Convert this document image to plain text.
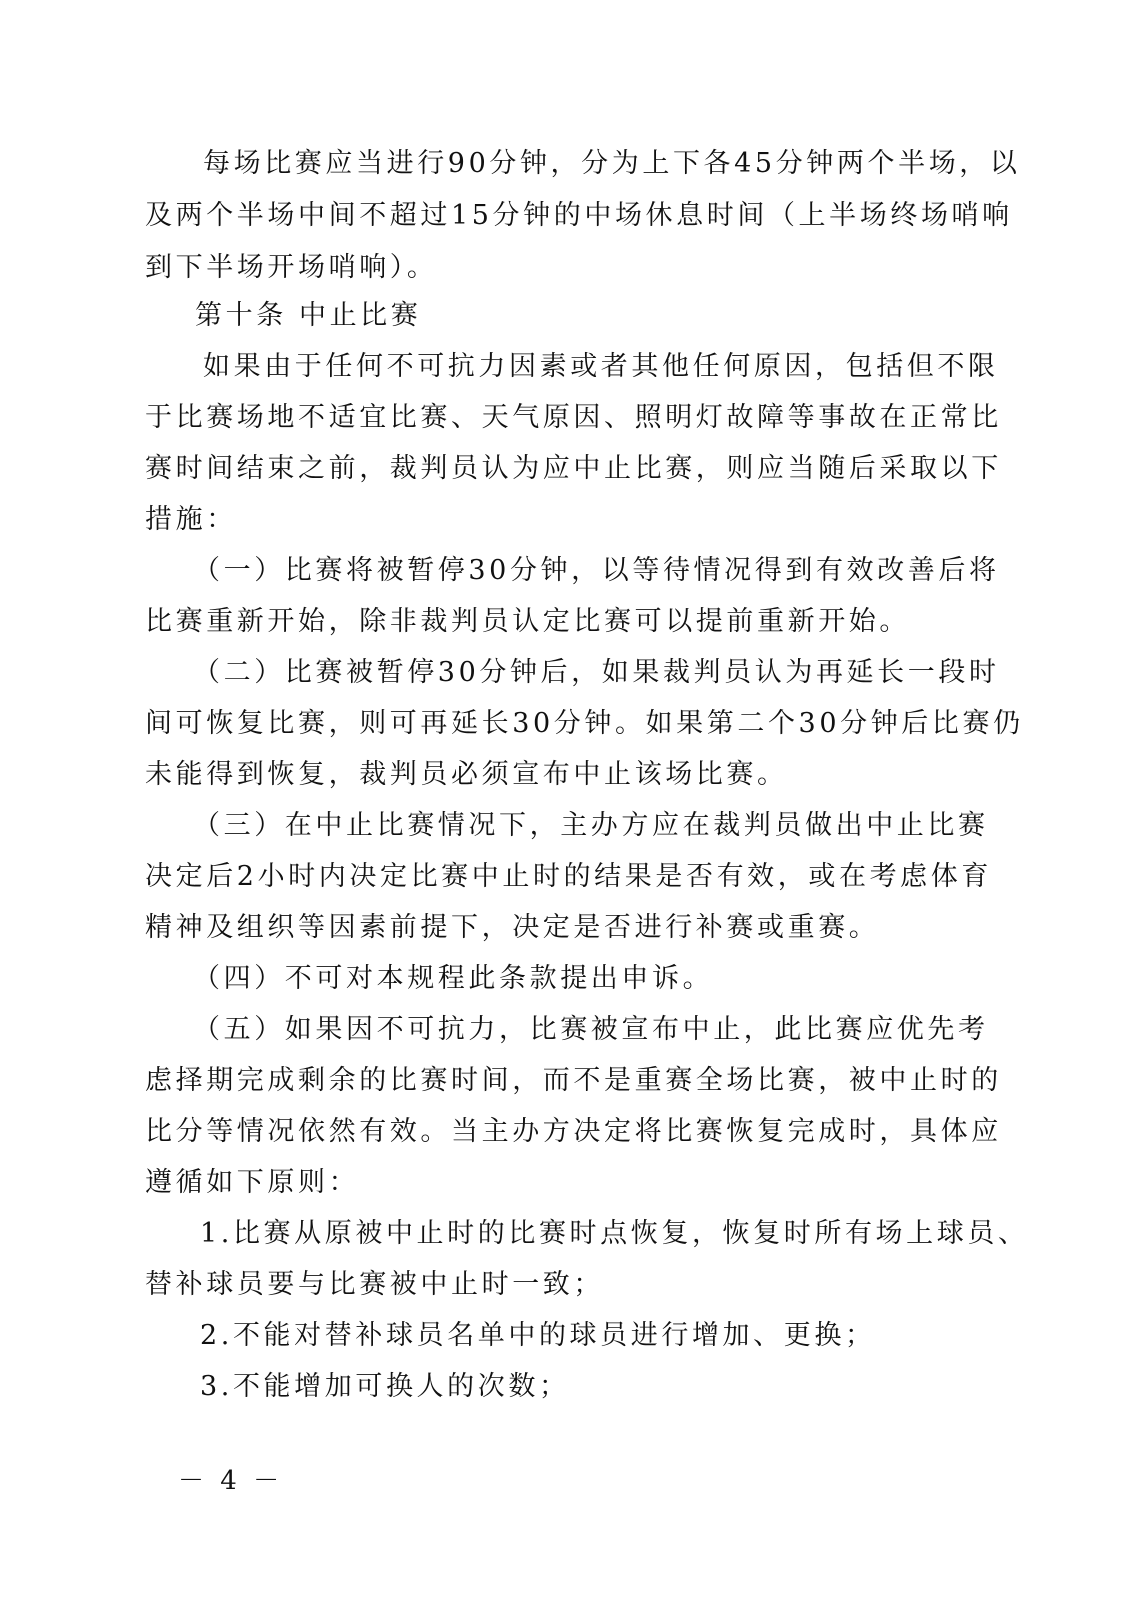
每场比赛应当进行90分钟，分为上下各45分钟两个半场，以
及两个半场中间不超过15分钟的中场休息时间（上半场终场哨响
到下半场开场哨响）。
第十条 中止比赛
如果由于任何不可抗力因素或者其他任何原因，包括但不限
于比赛场地不适宜比赛、天气原因、照明灯故障等事故在正常比
赛时间结束之前，裁判员认为应中止比赛，则应当随后采取以下
措施：
（一）比赛将被暂停30分钟，以等待情况得到有效改善后将
比赛重新开始，除非裁判员认定比赛可以提前重新开始。
（二）比赛被暂停30分钟后，如果裁判员认为再延长一段时
间可恢复比赛，则可再延长30分钟。如果第二个30分钟后比赛仍
未能得到恢复，裁判员必须宣布中止该场比赛。
（三）在中止比赛情况下，主办方应在裁判员做出中止比赛
决定后2小时内决定比赛中止时的结果是否有效，或在考虑体育
精神及组织等因素前提下，决定是否进行补赛或重赛。
（四）不可对本规程此条款提出申诉。
（五）如果因不可抗力，比赛被宣布中止，此比赛应优先考
虑择期完成剩余的比赛时间，而不是重赛全场比赛，被中止时的
比分等情况依然有效。当主办方决定将比赛恢复完成时，具体应
遵循如下原则：
1.比赛从原被中止时的比赛时点恢复，恢复时所有场上球员、
替补球员要与比赛被中止时一致；
2.不能对替补球员名单中的球员进行增加、更换；
3.不能增加可换人的次数；
－ 4 －
